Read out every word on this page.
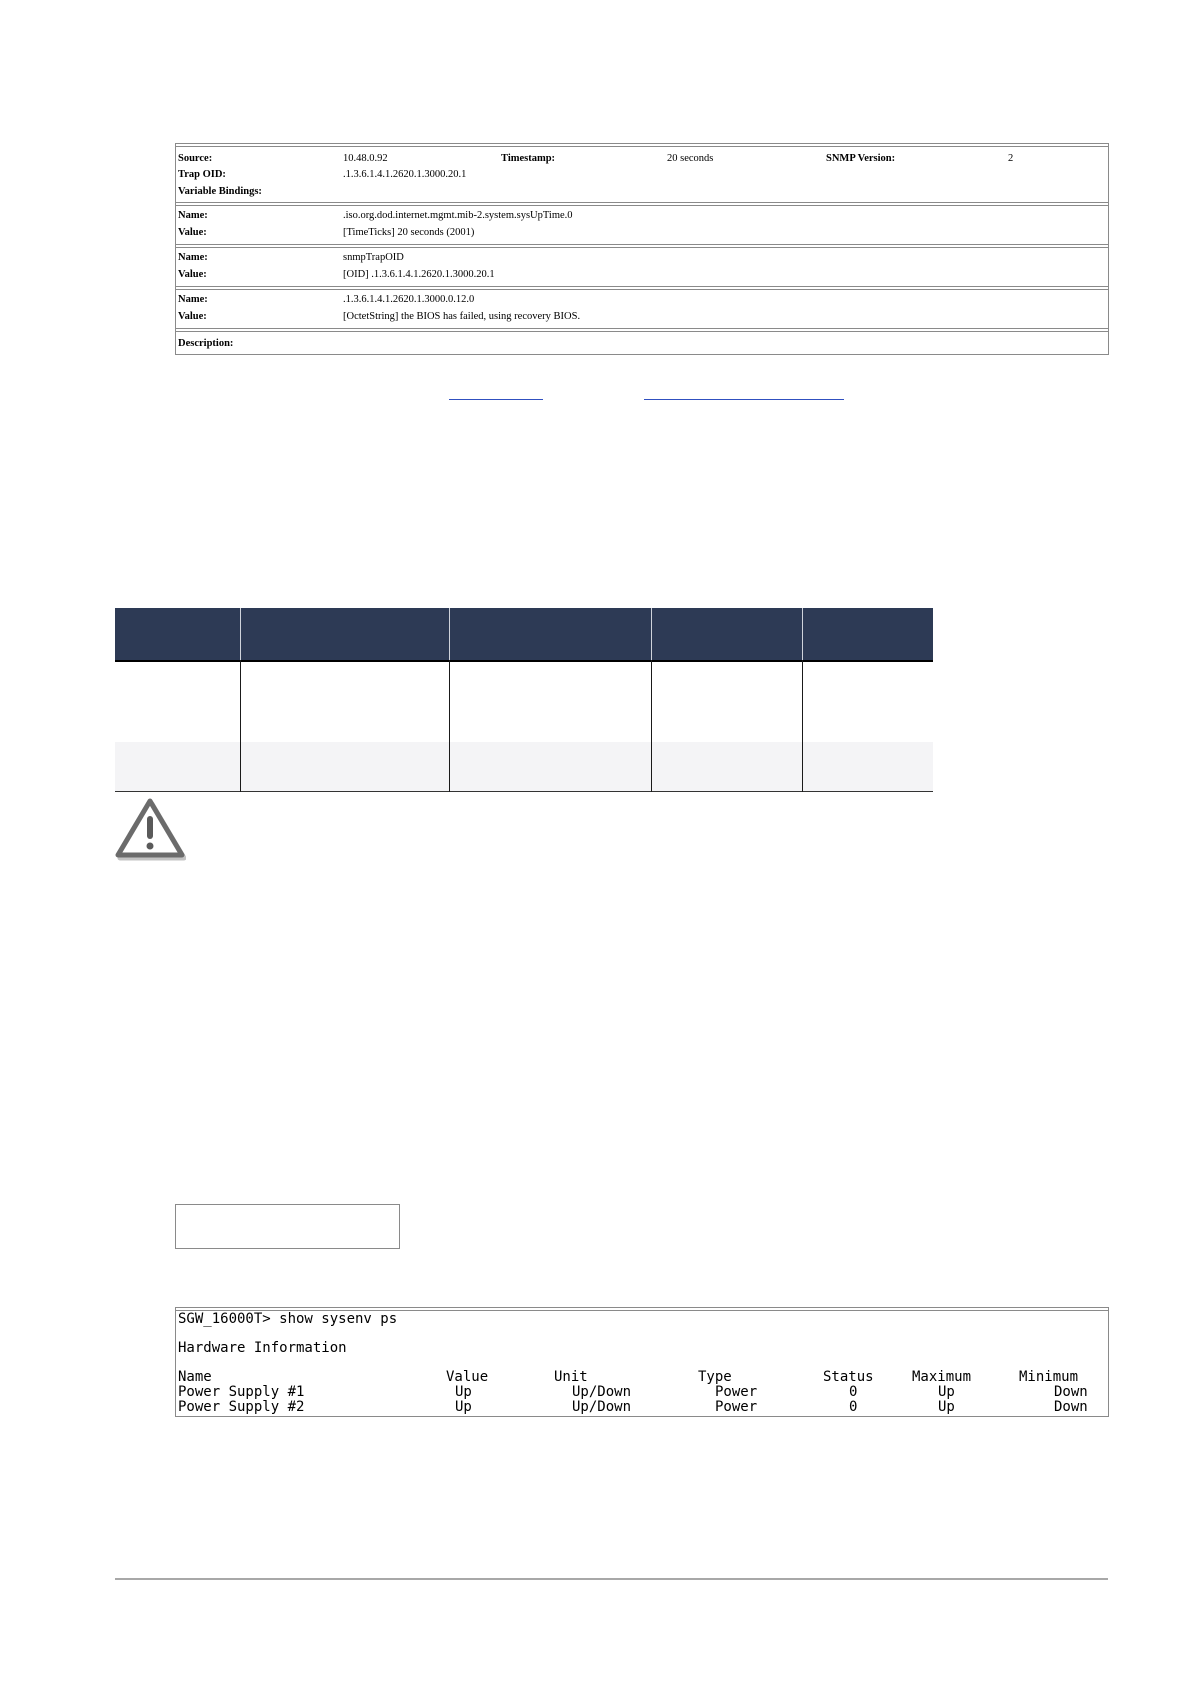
Source:	10.48.0.92	Timestamp:	20 seconds	SNMP Version:	2
Trap OID:	.1.3.6.1.4.1.2620.1.3000.20.1
Variable Bindings:
Name:	.iso.org.dod.internet.mgmt.mib-2.system.sysUpTime.0
Value:	[TimeTicks] 20 seconds (2001)
Name:	snmpTrapOID
Value:	[OID] .1.3.6.1.4.1.2620.1.3000.20.1
Name:	.1.3.6.1.4.1.2620.1.3000.0.12.0
Value:	[OctetString] the BIOS has failed, using recovery BIOS.
Description:
SGW_16000T> show sysenv ps
Hardware Information
Name	Value	Unit	Type	Status	Maximum	Minimum
Power Supply #1	Up	Up/Down	Power	0	Up	Down
Power Supply #2	Up	Up/Down	Power	0	Up	Down
